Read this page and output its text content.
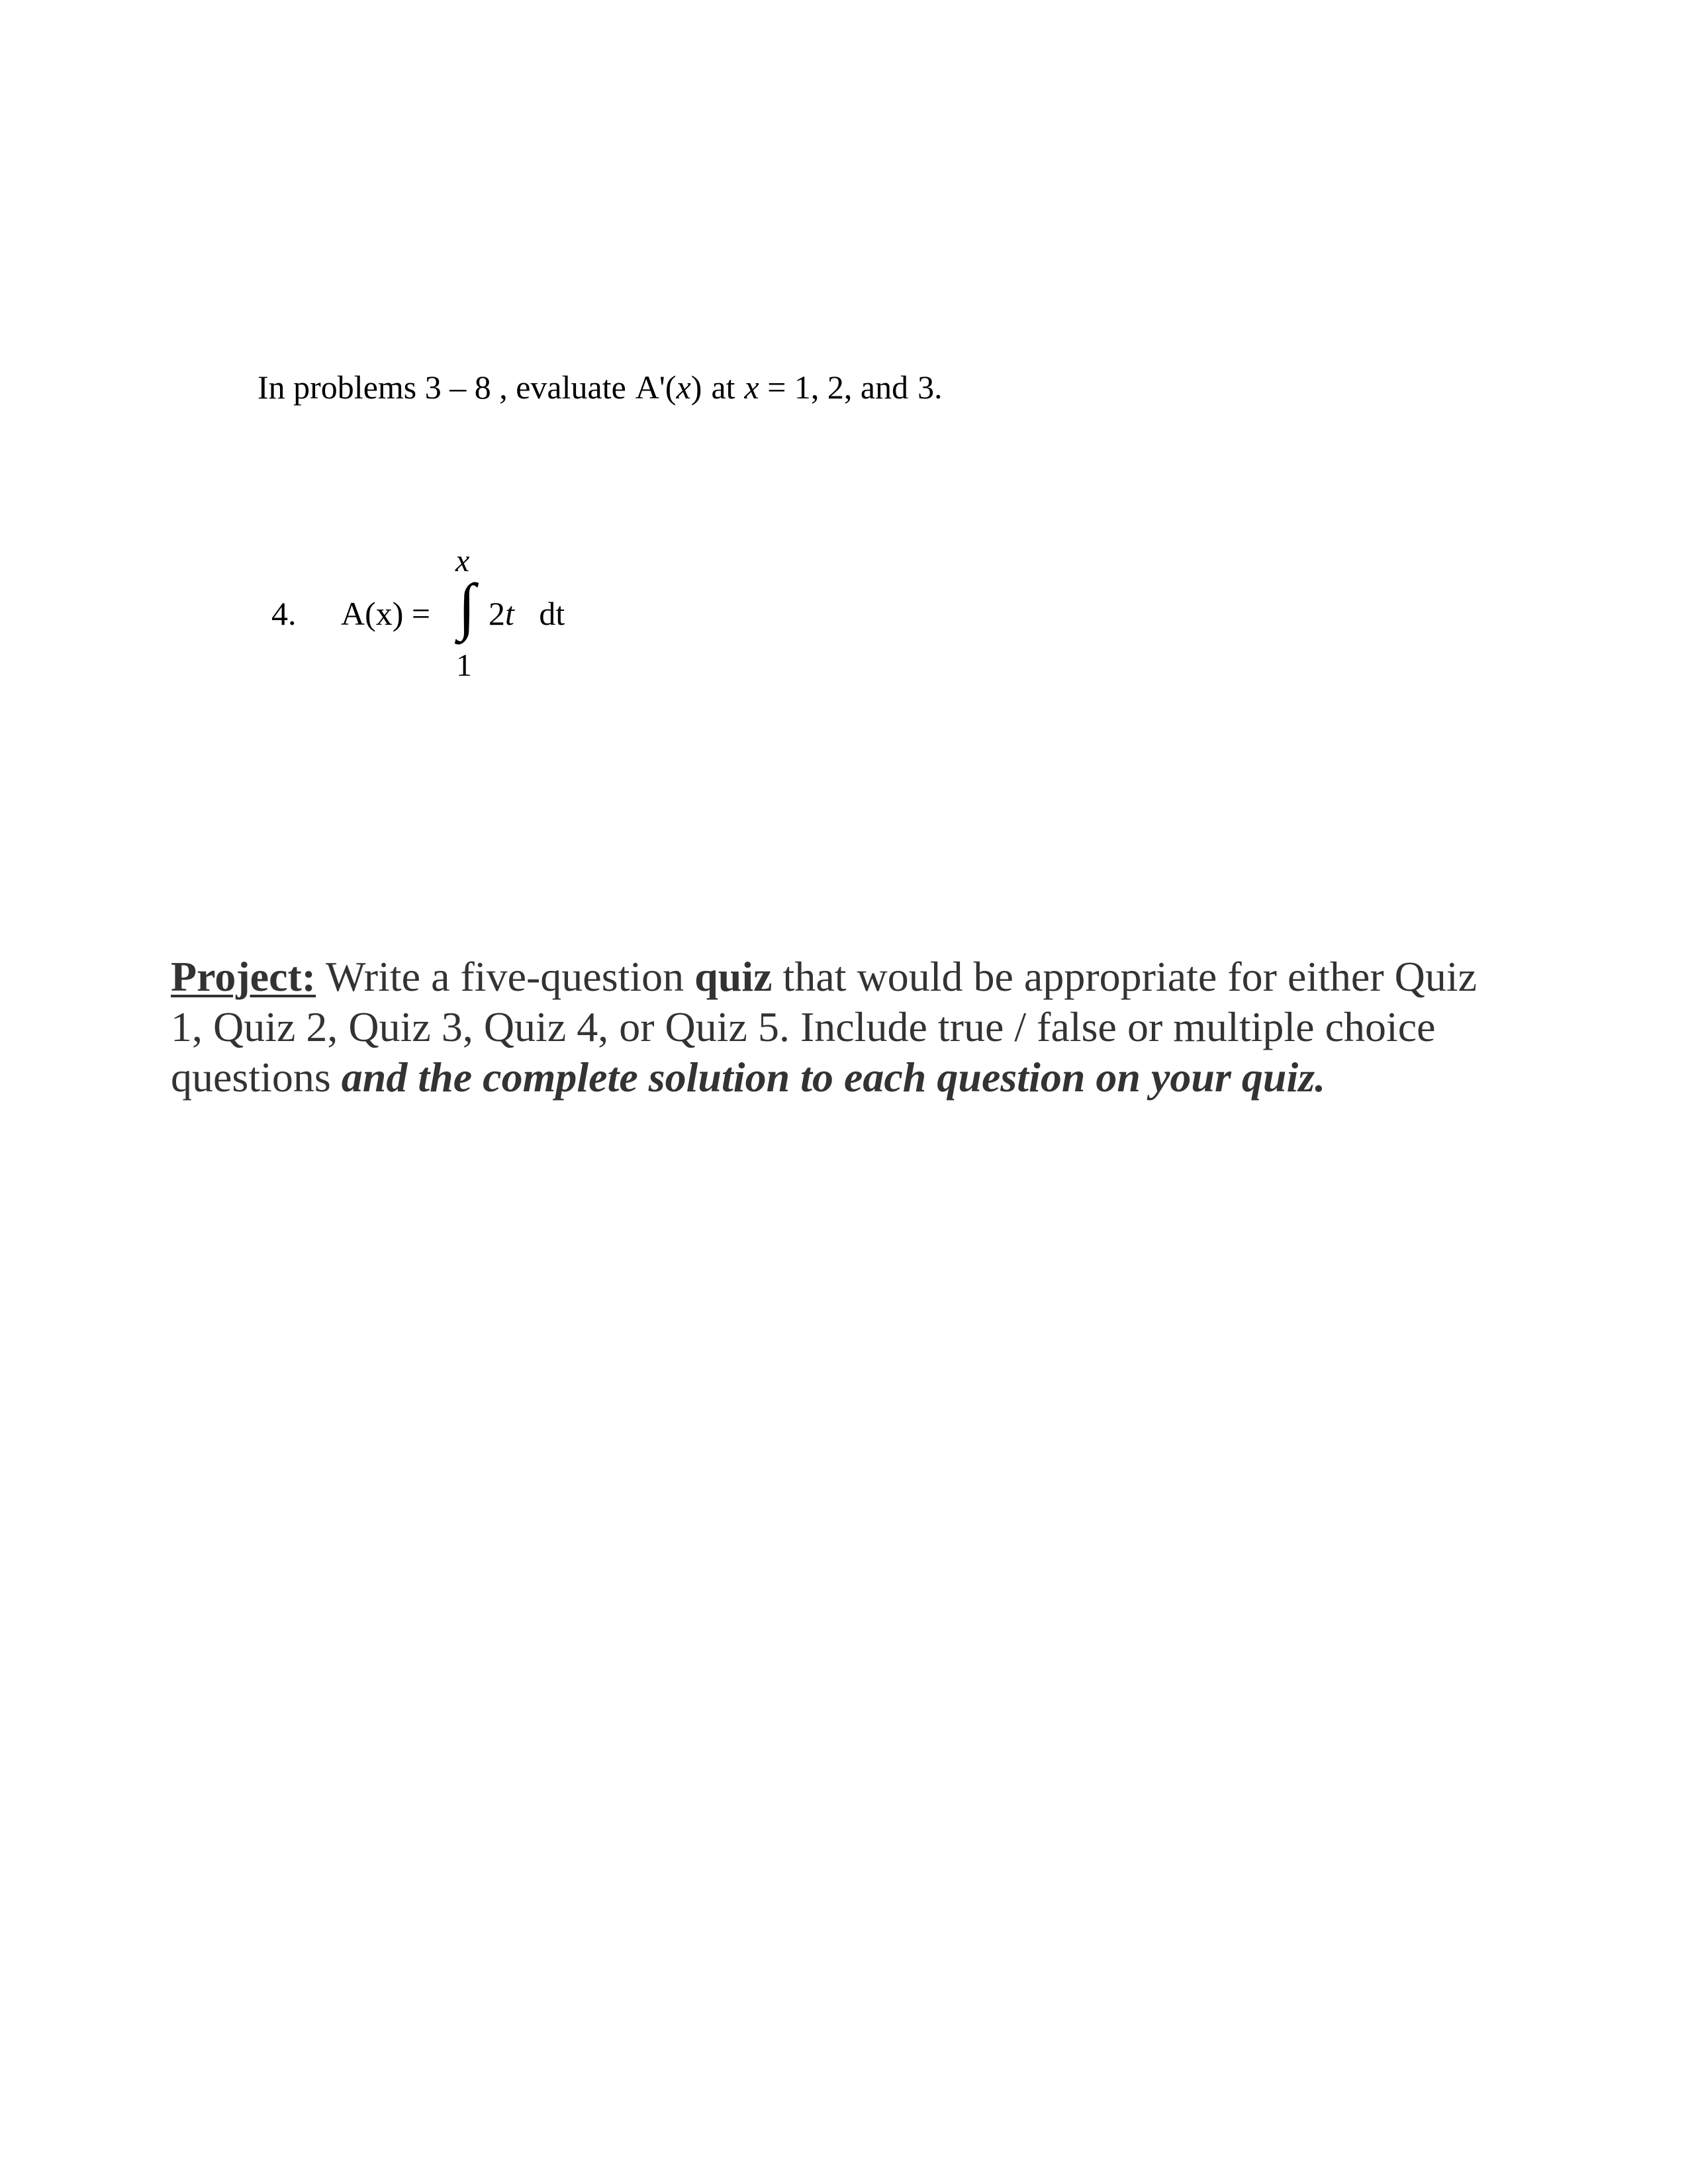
In problems 3 – 8 , evaluate A'(x) at x = 1, 2, and 3.
4. A(x) =
x
∫
1
2t dt
Project: Write a five-question quiz that would be appropriate for either Quiz 1, Quiz 2, Quiz 3, Quiz 4, or Quiz 5. Include true / false or multiple choice questions and the complete solution to each question on your quiz.
